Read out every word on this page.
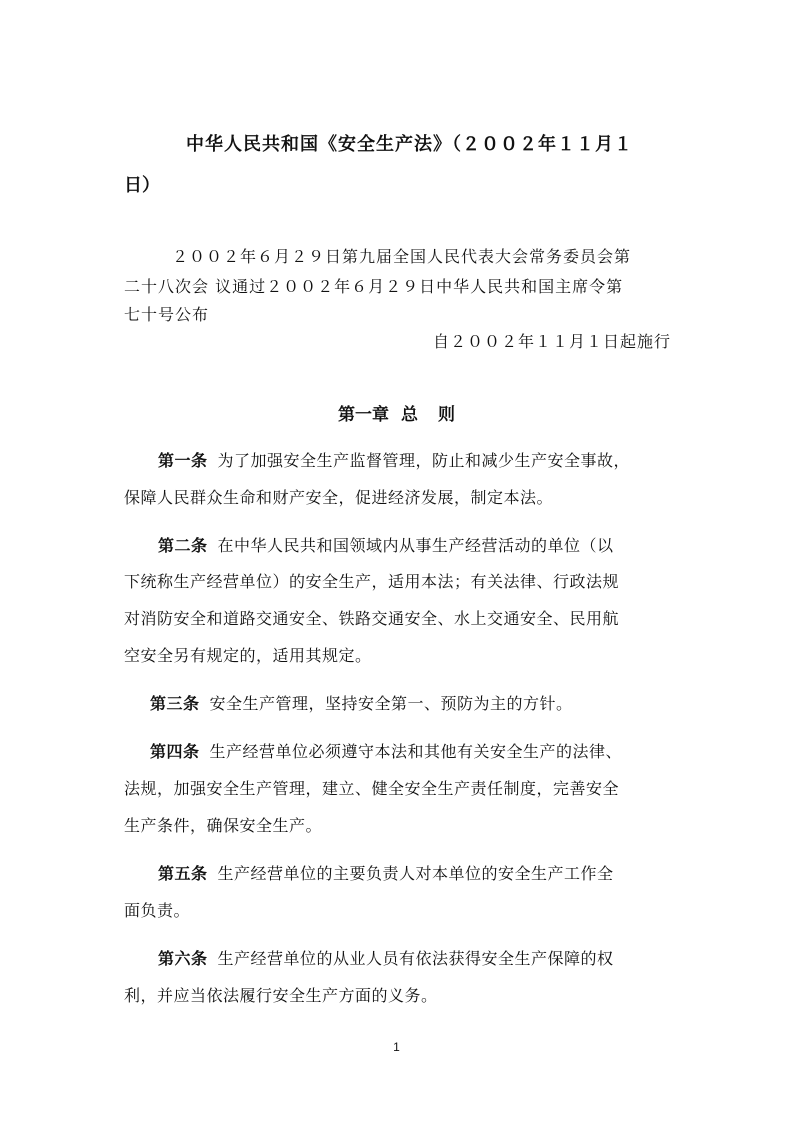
中华人民共和国《安全生产法》（２００２年１１月１
日）
２００２年６月２９日第九届全国人民代表大会常务委员会第
二十八次会 议通过２００２年６月２９日中华人民共和国主席令第
七十号公布
自２００２年１１月１日起施行
第一章 总 则
第一条 为了加强安全生产监督管理，防止和减少生产安全事故，
保障人民群众生命和财产安全，促进经济发展，制定本法。
第二条 在中华人民共和国领域内从事生产经营活动的单位（以
下统称生产经营单位）的安全生产，适用本法；有关法律、行政法规
对消防安全和道路交通安全、铁路交通安全、水上交通安全、民用航
空安全另有规定的，适用其规定。
第三条 安全生产管理，坚持安全第一、预防为主的方针。
第四条 生产经营单位必须遵守本法和其他有关安全生产的法律、
法规，加强安全生产管理，建立、健全安全生产责任制度，完善安全
生产条件，确保安全生产。
第五条 生产经营单位的主要负责人对本单位的安全生产工作全
面负责。
第六条 生产经营单位的从业人员有依法获得安全生产保障的权
利，并应当依法履行安全生产方面的义务。
1
